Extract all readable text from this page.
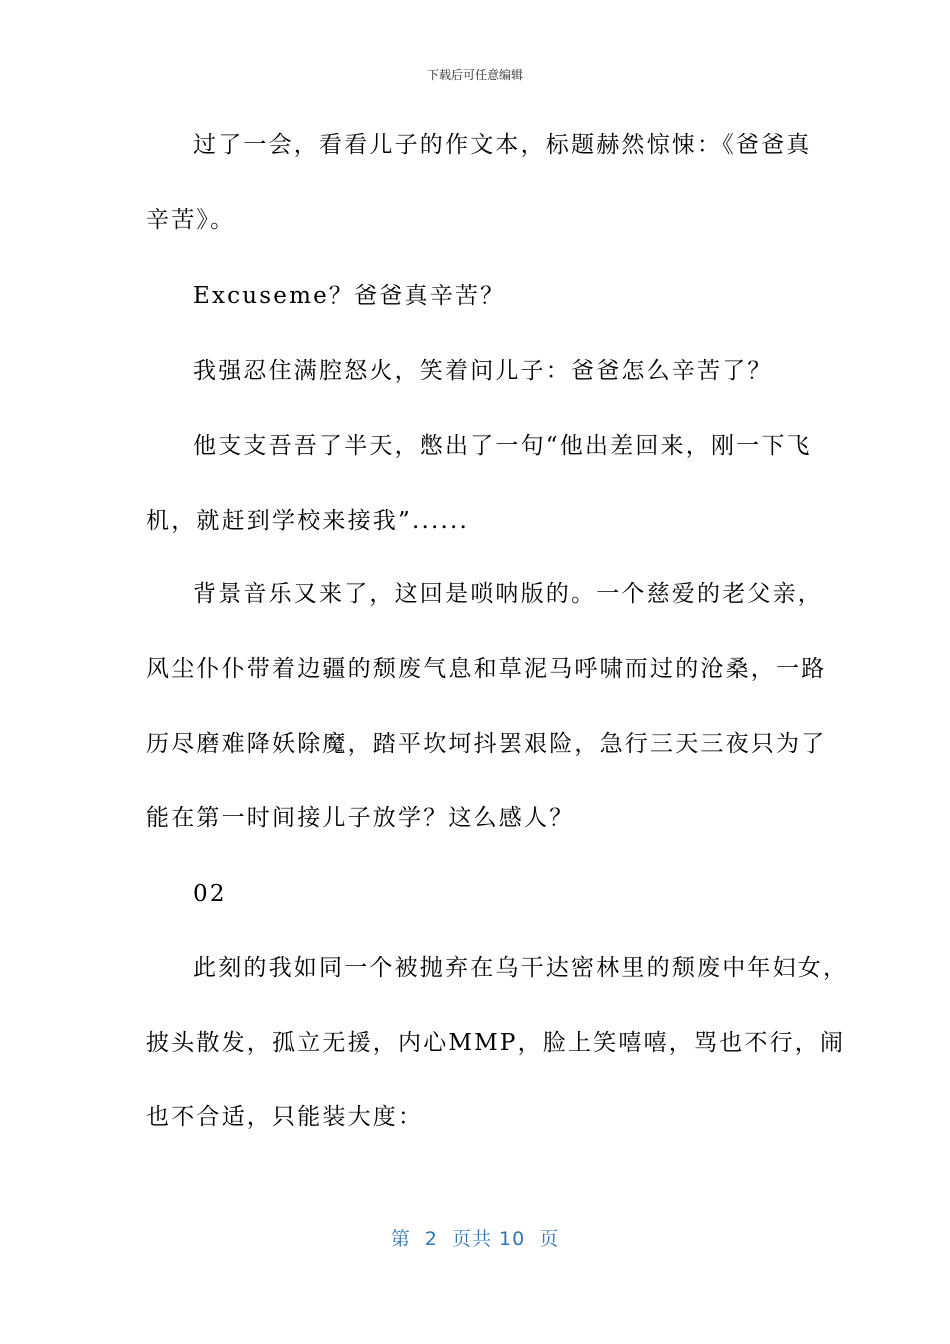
下载后可任意编辑
过了一会，看看儿子的作文本，标题赫然惊悚：《爸爸真
辛苦》。
Excuseme？爸爸真辛苦？
我强忍住满腔怒火，笑着问儿子：爸爸怎么辛苦了？
他支支吾吾了半天，憋出了一句“他出差回来，刚一下飞
机，就赶到学校来接我”......
背景音乐又来了，这回是唢呐版的。一个慈爱的老父亲，
风尘仆仆带着边疆的颓废气息和草泥马呼啸而过的沧桑，一路
历尽磨难降妖除魔，踏平坎坷抖罢艰险，急行三天三夜只为了
能在第一时间接儿子放学？这么感人？
02
此刻的我如同一个被抛弃在乌干达密林里的颓废中年妇女，
披头散发，孤立无援，内心MMP，脸上笑嘻嘻，骂也不行，闹
也不合适，只能装大度：
第  2  页共 10  页
